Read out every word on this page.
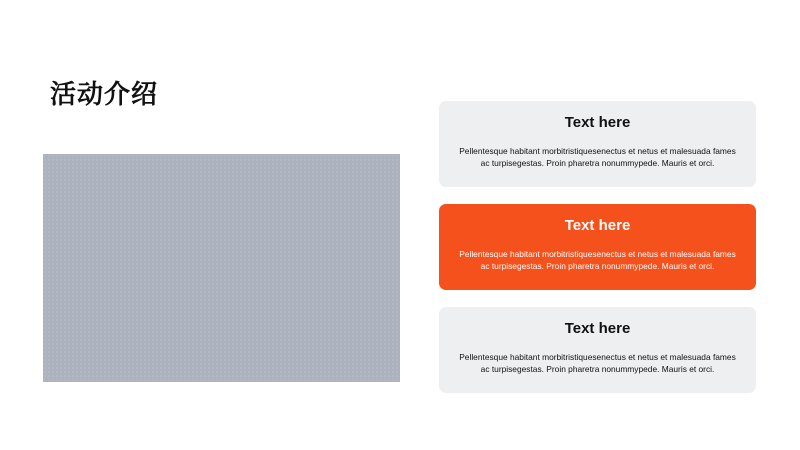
活动介绍
Text here
Pellentesque habitant morbitristiquesenectus et netus et malesuada fames ac turpisegestas. Proin pharetra nonummypede. Mauris et orci.
Text here
Pellentesque habitant morbitristiquesenectus et netus et malesuada fames ac turpisegestas. Proin pharetra nonummypede. Mauris et orci.
Text here
Pellentesque habitant morbitristiquesenectus et netus et malesuada fames ac turpisegestas. Proin pharetra nonummypede. Mauris et orci.
